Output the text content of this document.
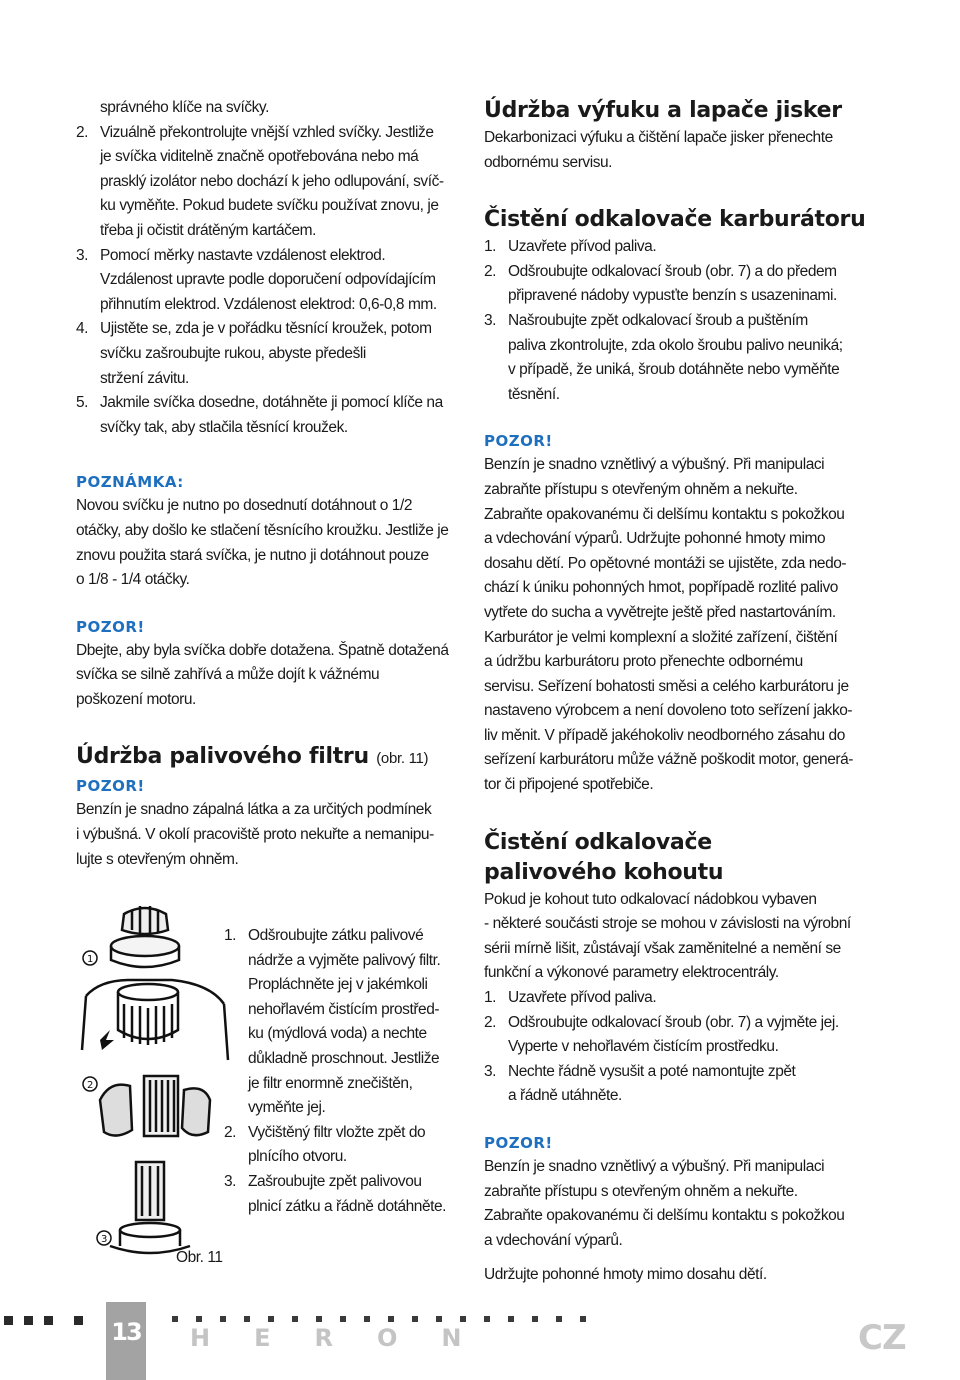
správného klíče na svíčky.

2. Vizuálně překontrolujte vnější vzhled svíčky. Jestliže

je svíčka viditelně značně opotřebována nebo má

prasklý izolátor nebo dochází k jeho odlupování, svíč-

ku vyměňte. Pokud budete svíčku používat znovu, je

třeba ji očistit drátěným kartáčem.

3. Pomocí měrky nastavte vzdálenost elektrod.

Vzdálenost upravte podle doporučení odpovídajícím

přihnutím elektrod. Vzdálenost elektrod: 0,6-0,8 mm.

4. Ujistěte se, zda je v pořádku těsnící kroužek, potom

svíčku zašroubujte rukou, abyste předešli

stržení závitu.

5. Jakmile svíčka dosedne, dotáhněte ji pomocí klíče na

svíčky tak, aby stlačila těsnící kroužek.

POZNÁMKA:

Novou svíčku je nutno po dosednutí dotáhnout o 1/2

otáčky, aby došlo ke stlačení těsnícího kroužku. Jestliže je

znovu použita stará svíčka, je nutno ji dotáhnout pouze

o 1/8 - 1/4 otáčky.

POZOR!

Dbejte, aby byla svíčka dobře dotažena. Špatně dotažená

svíčka se silně zahřívá a může dojít k vážnému

poškození motoru.

Údržba palivového filtru (obr. 11)

POZOR!

Benzín je snadno zápalná látka a za určitých podmínek

i výbušná. V okolí pracoviště proto nekuřte a nemanipu-

lujte s otevřeným ohněm.

1
2
3

Obr. 11

1. Odšroubujte zátku palivové

nádrže a vyjměte palivový filtr.

Propláchněte jej v jakémkoli

nehořlavém čistícím prostřed-

ku (mýdlová voda) a nechte

důkladně proschnout. Jestliže

je filtr enormně znečištěn,

vyměňte jej.

2. Vyčištěný filtr vložte zpět do

plnícího otvoru.

3. Zašroubujte zpět palivovou

plnicí zátku a řádně dotáhněte.

Údržba výfuku a lapače jisker

Dekarbonizaci výfuku a čištění lapače jisker přenechte

odbornému servisu.

Čistění odkalovače karburátoru
1. Uzavřete přívod paliva.

2. Odšroubujte odkalovací šroub (obr. 7) a do předem

připravené nádoby vypusťte benzín s usazeninami.

3. Našroubujte zpět odkalovací šroub a puštěním

paliva zkontrolujte, zda okolo šroubu palivo neuniká;

v případě, že uniká, šroub dotáhněte nebo vyměňte

těsnění.

POZOR!

Benzín je snadno vznětlivý a výbušný. Při manipulaci

zabraňte přístupu s otevřeným ohněm a nekuřte.

Zabraňte opakovanému či delšímu kontaktu s pokožkou

a vdechování výparů. Udržujte pohonné hmoty mimo

dosahu dětí. Po opětovné montáži se ujistěte, zda nedo-

chází k úniku pohonných hmot, popřípadě rozlité palivo

vytřete do sucha a vyvětrejte ještě před nastartováním.

Karburátor je velmi komplexní a složité zařízení, čištění

a údržbu karburátoru proto přenechte odbornému

servisu. Seřízení bohatosti směsi a celého karburátoru je

nastaveno výrobcem a není dovoleno toto seřízení jakko-

liv měnit. V případě jakéhokoliv neodborného zásahu do

seřízení karburátoru může vážně poškodit motor, generá-

tor či připojené spotřebiče.

Čistění odkalovače
palivového kohoutu

Pokud je kohout tuto odkalovací nádobkou vybaven

- některé součásti stroje se mohou v závislosti na výrobní

sérii mírně lišit, zůstávají však zaměnitelné a nemění se

funkční a výkonové parametry elektrocentrály.

1. Uzavřete přívod paliva.

2. Odšroubujte odkalovací šroub (obr. 7) a vyjměte jej.

Vyperte v nehořlavém čistícím prostředku.

3. Nechte řádně vysušit a poté namontujte zpět

a řádně utáhněte.

POZOR!

Benzín je snadno vznětlivý a výbušný. Při manipulaci

zabraňte přístupu s otevřeným ohněm a nekuřte.

Zabraňte opakovanému či delšímu kontaktu s pokožkou

a vdechování výparů.

Udržujte pohonné hmoty mimo dosahu dětí.

13 HERON	CZ
